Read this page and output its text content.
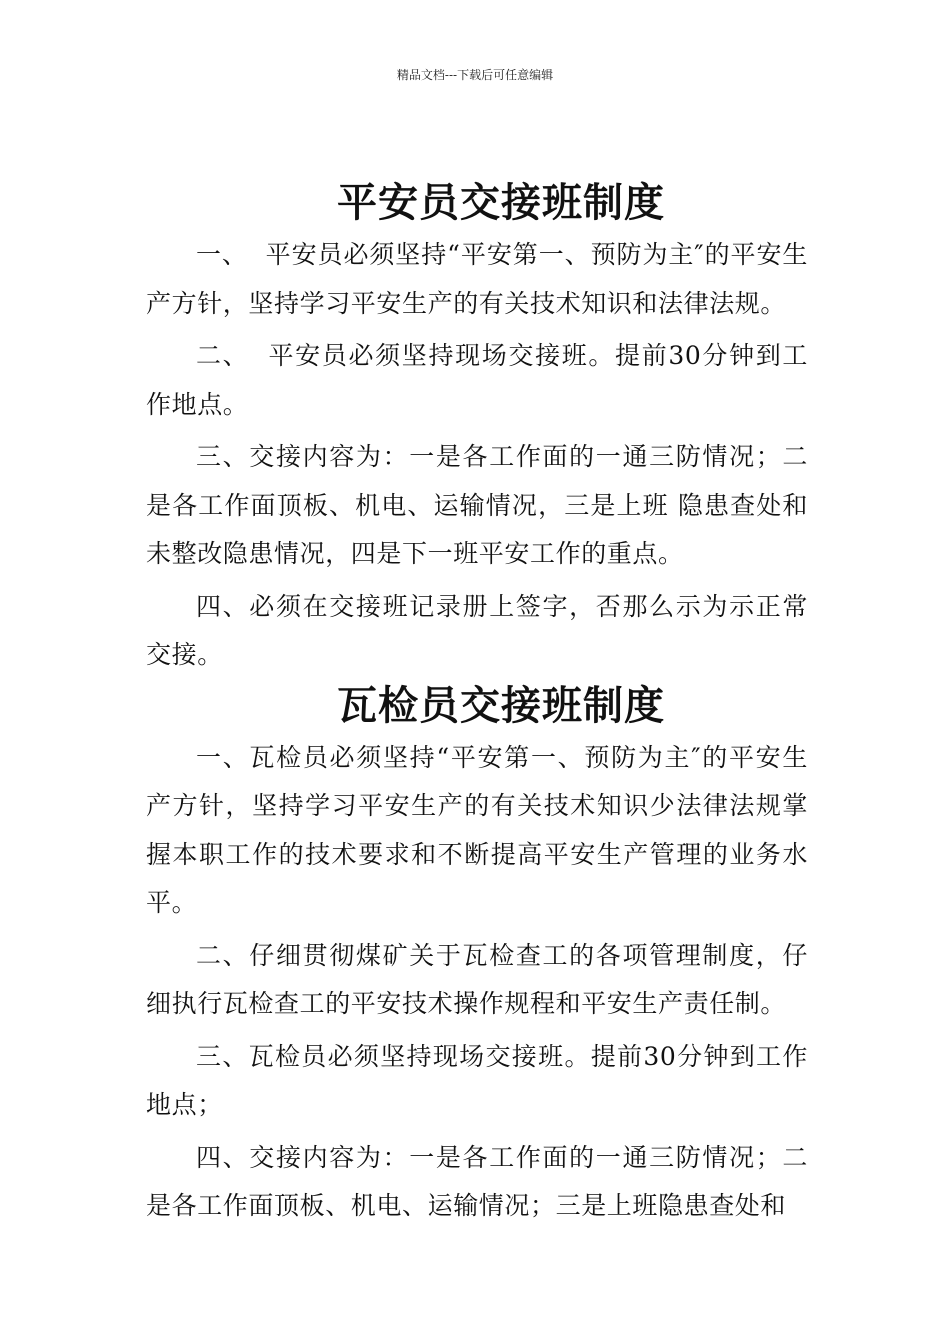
精品文档---下载后可任意编辑
平安员交接班制度

一、  平安员必须坚持“平安第一、预防为主″的平安生产方针，坚持学习平安生产的有关技术知识和法律法规。

二、  平安员必须坚持现场交接班。提前30分钟到工作地点。

三、交接内容为：一是各工作面的一通三防情况；二是各工作面顶板、机电、运输情况，三是上班 隐患查处和未整改隐患情况，四是下一班平安工作的重点。

四、必须在交接班记录册上签字，否那么示为示正常交接。

瓦检员交接班制度

一、瓦检员必须坚持“平安第一、预防为主″的平安生产方针，坚持学习平安生产的有关技术知识少法律法规掌握本职工作的技术要求和不断提高平安生产管理的业务水平。

二、仔细贯彻煤矿关于瓦检查工的各项管理制度，仔细执行瓦检查工的平安技术操作规程和平安生产责任制。

三、瓦检员必须坚持现场交接班。提前30分钟到工作地点；

四、交接内容为：一是各工作面的一通三防情况；二是各工作面顶板、机电、运输情况；三是上班隐患查处和
